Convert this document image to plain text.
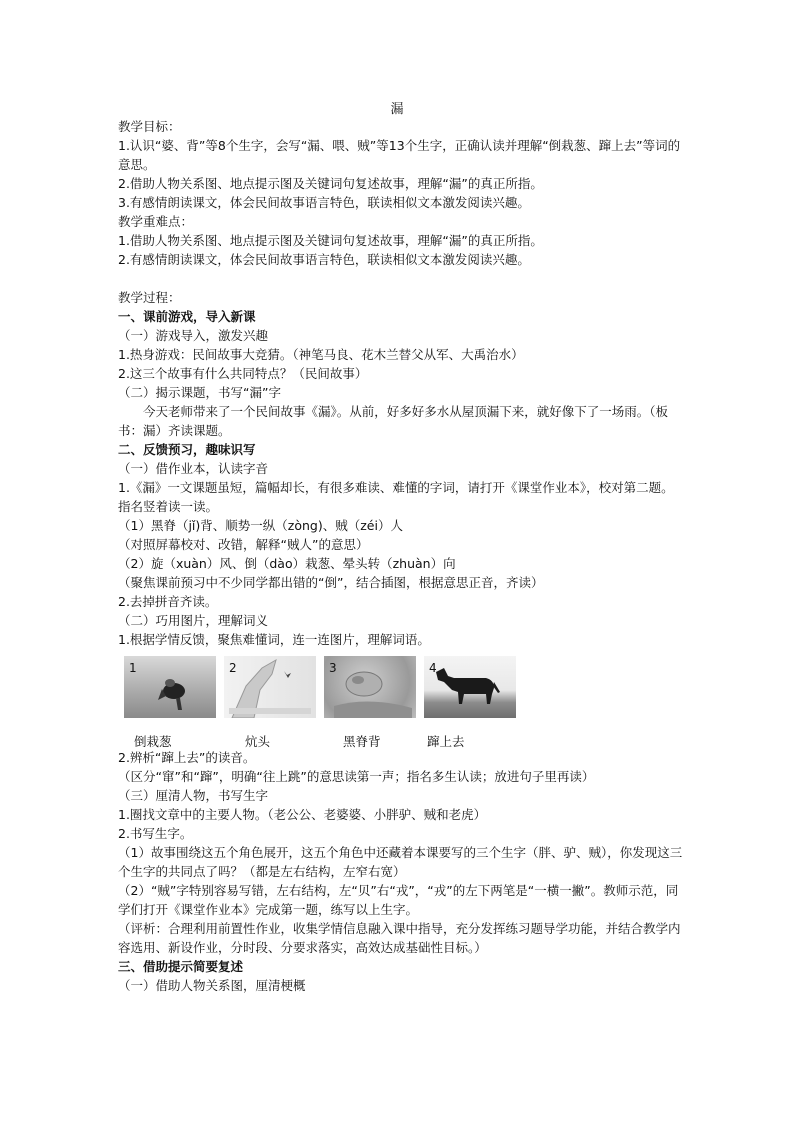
漏

教学目标：

1.认识“婆、背”等8个生字，会写“漏、喂、贼”等13个生字，正确认读并理解“倒栽葱、蹿上去”等词的意思。

2.借助人物关系图、地点提示图及关键词句复述故事，理解“漏”的真正所指。

3.有感情朗读课文，体会民间故事语言特色，联读相似文本激发阅读兴趣。

教学重难点：

1.借助人物关系图、地点提示图及关键词句复述故事，理解“漏”的真正所指。

2.有感情朗读课文，体会民间故事语言特色，联读相似文本激发阅读兴趣。

教学过程：

一、课前游戏，导入新课

（一）游戏导入，激发兴趣

1.热身游戏：民间故事大竞猜。（神笔马良、花木兰替父从军、大禹治水）

2.这三个故事有什么共同特点？（民间故事）

（二）揭示课题，书写“漏”字

今天老师带来了一个民间故事《漏》。从前，好多好多水从屋顶漏下来，就好像下了一场雨。（板书：漏）齐读课题。

二、反馈预习，趣味识写

（一）借作业本，认读字音

1.《漏》一文课题虽短，篇幅却长，有很多难读、难懂的字词，请打开《课堂作业本》，校对第二题。指名竖着读一读。

（1）黑脊（jǐ)背、顺势一纵（zòng)、贼（zéi）人

（对照屏幕校对、改错，解释“贼人”的意思）

（2）旋（xuàn）风、倒（dào）栽葱、晕头转（zhuàn）向

（聚焦课前预习中不少同学都出错的“倒”，结合插图，根据意思正音，齐读）

2.去掉拼音齐读。

（二）巧用图片，理解词义

1.根据学情反馈，聚焦难懂词，连一连图片，理解词语。

1	2	3	4
倒栽葱	炕头	黑脊背	蹿上去

2.辨析“蹿上去”的读音。

（区分“窜”和“蹿”，明确“往上跳”的意思读第一声；指名多生认读；放进句子里再读）

（三）厘清人物，书写生字

1.圈找文章中的主要人物。（老公公、老婆婆、小胖驴、贼和老虎）

2.书写生字。

（1）故事围绕这五个角色展开，这五个角色中还藏着本课要写的三个生字（胖、驴、贼），你发现这三个生字的共同点了吗？（都是左右结构，左窄右宽）

（2）“贼”字特别容易写错，左右结构，左“贝”右“戎”，“戎”的左下两笔是“一横一撇”。教师示范，同学们打开《课堂作业本》完成第一题，练写以上生字。

（评析：合理利用前置性作业，收集学情信息融入课中指导，充分发挥练习题导学功能，并结合教学内容选用、新设作业，分时段、分要求落实，高效达成基础性目标。）

三、借助提示简要复述

（一）借助人物关系图，厘清梗概
